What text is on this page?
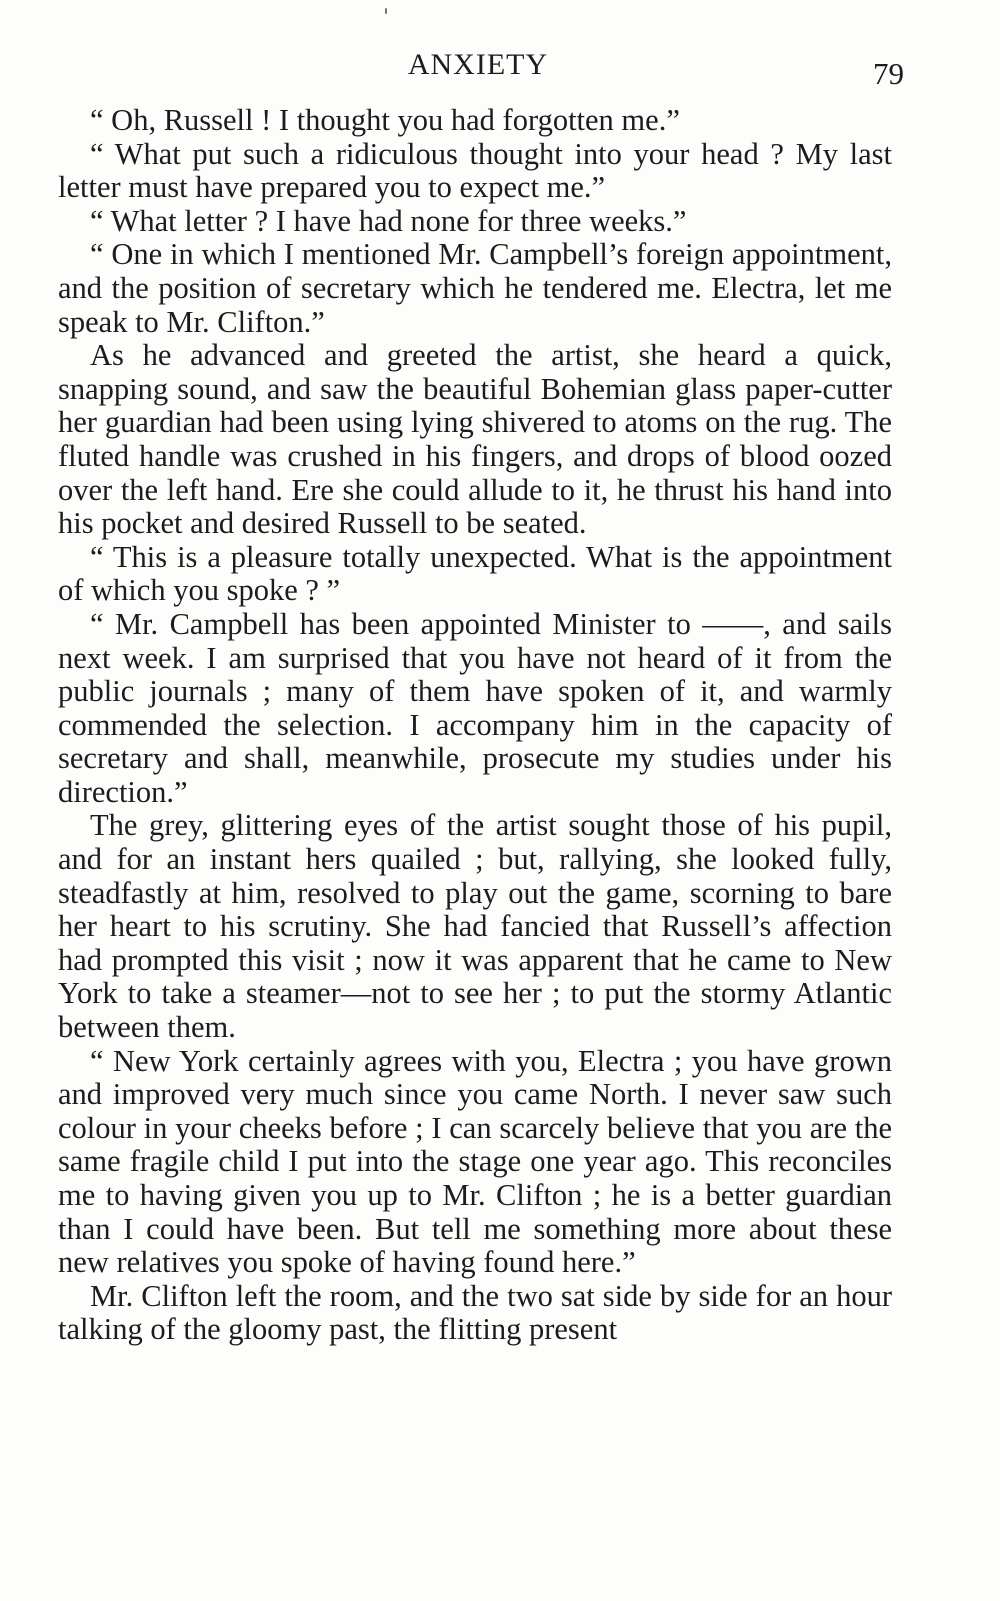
ANXIETY	79

“ Oh, Russell ! I thought you had forgotten me.”

“ What put such a ridiculous thought into your head ? My last letter must have prepared you to expect me.”

“ What letter ? I have had none for three weeks.”

“ One in which I mentioned Mr. Campbell’s foreign appointment, and the position of secretary which he tendered me. Electra, let me speak to Mr. Clifton.”

As he advanced and greeted the artist, she heard a quick, snapping sound, and saw the beautiful Bohemian glass paper-cutter her guardian had been using lying shivered to atoms on the rug. The fluted handle was crushed in his fingers, and drops of blood oozed over the left hand. Ere she could allude to it, he thrust his hand into his pocket and desired Russell to be seated.

“ This is a pleasure totally unexpected. What is the appointment of which you spoke ? ”

“ Mr. Campbell has been appointed Minister to ——, and sails next week. I am surprised that you have not heard of it from the public journals ; many of them have spoken of it, and warmly commended the selection. I accompany him in the capacity of secretary and shall, meanwhile, prosecute my studies under his direction.”

The grey, glittering eyes of the artist sought those of his pupil, and for an instant hers quailed ; but, rallying, she looked fully, steadfastly at him, resolved to play out the game, scorning to bare her heart to his scrutiny. She had fancied that Russell’s affection had prompted this visit ; now it was apparent that he came to New York to take a steamer—not to see her ; to put the stormy Atlantic between them.

“ New York certainly agrees with you, Electra ; you have grown and improved very much since you came North. I never saw such colour in your cheeks before ; I can scarcely believe that you are the same fragile child I put into the stage one year ago. This reconciles me to having given you up to Mr. Clifton ; he is a better guardian than I could have been. But tell me something more about these new relatives you spoke of having found here.”

Mr. Clifton left the room, and the two sat side by side for an hour talking of the gloomy past, the flitting present
